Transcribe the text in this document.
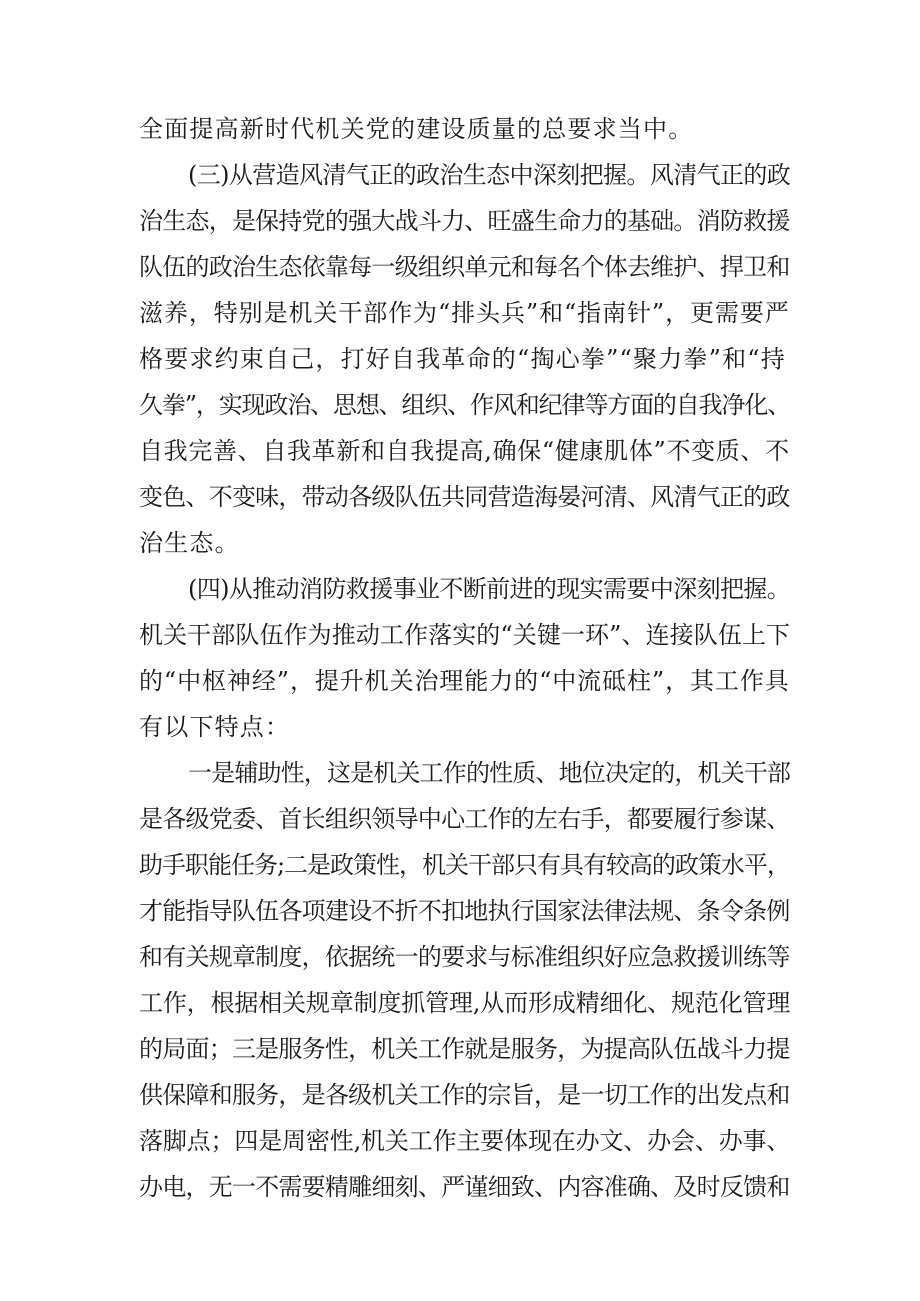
全面提高新时代机关党的建设质量的总要求当中。
(三)从营造风清气正的政治生态中深刻把握。风清气正的政
治生态，是保持党的强大战斗力、旺盛生命力的基础。消防救援
队伍的政治生态依靠每一级组织单元和每名个体去维护、捍卫和
滋养，特别是机关干部作为“排头兵”和“指南针”，更需要严
格要求约束自己，打好自我革命的“掏心拳”“聚力拳”和“持
久拳”，实现政治、思想、组织、作风和纪律等方面的自我净化、
自我完善、自我革新和自我提高,确保“健康肌体”不变质、不
变色、不变味，带动各级队伍共同营造海晏河清、风清气正的政
治生态。
(四)从推动消防救援事业不断前进的现实需要中深刻把握。
机关干部队伍作为推动工作落实的“关键一环”、连接队伍上下
的“中枢神经”，提升机关治理能力的“中流砥柱”，其工作具
有以下特点：
一是辅助性，这是机关工作的性质、地位决定的，机关干部
是各级党委、首长组织领导中心工作的左右手，都要履行参谋、
助手职能任务;二是政策性，机关干部只有具有较高的政策水平，
才能指导队伍各项建设不折不扣地执行国家法律法规、条令条例
和有关规章制度，依据统一的要求与标准组织好应急救援训练等
工作，根据相关规章制度抓管理,从而形成精细化、规范化管理
的局面；三是服务性，机关工作就是服务，为提高队伍战斗力提
供保障和服务，是各级机关工作的宗旨，是一切工作的出发点和
落脚点；四是周密性,机关工作主要体现在办文、办会、办事、
办电，无一不需要精雕细刻、严谨细致、内容准确、及时反馈和
